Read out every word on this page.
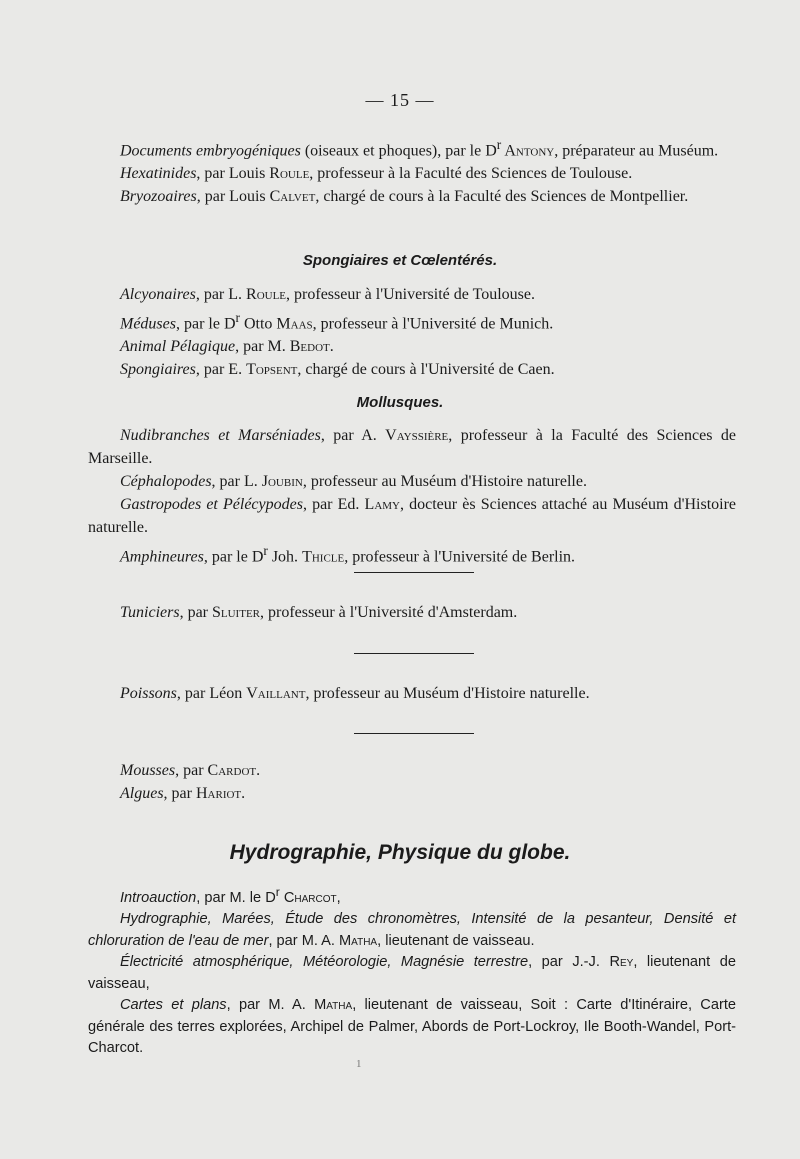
— 15 —

Documents embryogéniques (oiseaux et phoques), par le $D^r$ Antony, préparateur au Muséum.

Hexatinides, par Louis Roule, professeur à la Faculté des Sciences de Toulouse.

Bryozoaires, par Louis Calvet, chargé de cours à la Faculté des Sciences de Montpellier.

Spongiaires et Cœlentérés.

Alcyonaires, par L. Roule, professeur à l'Université de Toulouse.

Méduses, par le $D^r$ Otto Maas, professeur à l'Université de Munich.

Animal Pélagique, par M. Bedot.

Spongiaires, par E. Topsent, chargé de cours à l'Université de Caen.

Mollusques.

Nudibranches et Marséniades, par A. Vayssière, professeur à la Faculté des Sciences de Marseille.

Céphalopodes, par L. Joubin, professeur au Muséum d'Histoire naturelle.

Gastropodes et Pélécypodes, par Ed. Lamy, docteur ès Sciences attaché au Muséum d'Histoire naturelle.

Amphineures, par le $D^r$ Joh. Thicle, professeur à l'Université de Berlin.

Tuniciers, par Sluiter, professeur à l'Université d'Amsterdam.

Poissons, par Léon Vaillant, professeur au Muséum d'Histoire naturelle.

Mousses, par Cardot.

Algues, par Hariot.

Hydrographie, Physique du globe.

Introauction, par M. le $D^r$ Charcot,

Hydrographie, Marées, Étude des chronomètres, Intensité de la pesanteur, Densité et chloruration de l'eau de mer, par M. A. Matha, lieutenant de vaisseau.

Électricité atmosphérique, Météorologie, Magnésie terrestre, par J.-J. Rey, lieutenant de vaisseau,

Cartes et plans, par M. A. Matha, lieutenant de vaisseau, Soit : Carte d'Itinéraire, Carte générale des terres explorées, Archipel de Palmer, Abords de Port-Lockroy, Ile Booth-Wandel, Port-Charcot.

1
